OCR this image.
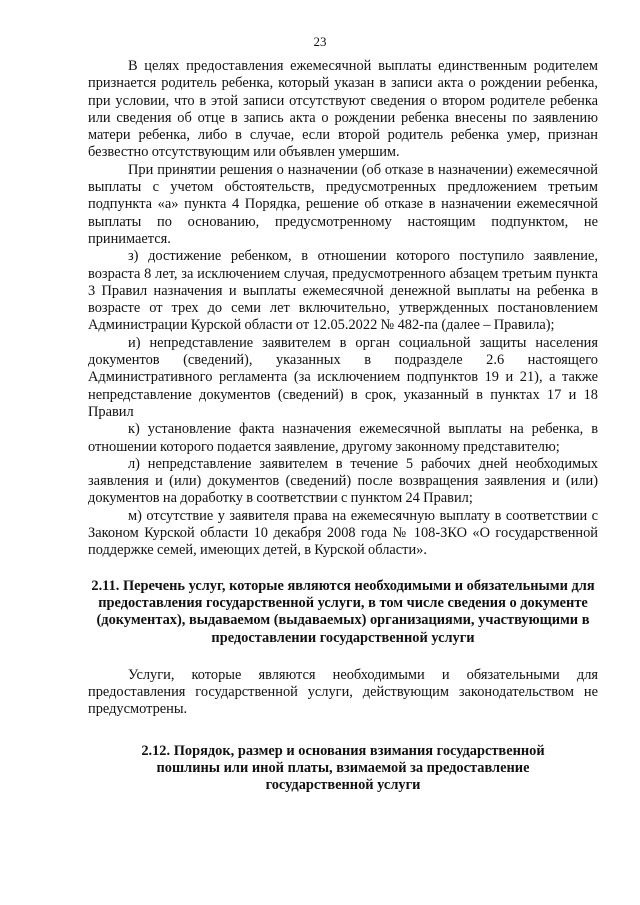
23

В целях предоставления ежемесячной выплаты единственным родителем признается родитель ребенка, который указан в записи акта о рождении ребенка, при условии, что в этой записи отсутствуют сведения о втором родителе ребенка или сведения об отце в запись акта о рождении ребенка внесены по заявлению матери ребенка, либо в случае, если второй родитель ребенка умер, признан безвестно отсутствующим или объявлен умершим.

При принятии решения о назначении (об отказе в назначении) ежемесячной выплаты с учетом обстоятельств, предусмотренных предложением третьим подпункта «а» пункта 4 Порядка, решение об отказе в назначении ежемесячной выплаты по основанию, предусмотренному настоящим подпунктом, не принимается.

з) достижение ребенком, в отношении которого поступило заявление, возраста 8 лет, за исключением случая, предусмотренного абзацем третьим пункта 3 Правил назначения и выплаты ежемесячной денежной выплаты на ребенка в возрасте от трех до семи лет включительно, утвержденных постановлением Администрации Курской области от 12.05.2022 № 482-па (далее – Правила);

и) непредставление заявителем в орган социальной защиты населения документов (сведений), указанных в подразделе 2.6 настоящего Административного регламента (за исключением подпунктов 19 и 21), а также непредставление документов (сведений) в срок, указанный в пунктах 17 и 18 Правил

к) установление факта назначения ежемесячной выплаты на ребенка, в отношении которого подается заявление, другому законному представителю;

л) непредставление заявителем в течение 5 рабочих дней необходимых заявления и (или) документов (сведений) после возвращения заявления и (или) документов на доработку в соответствии с пунктом 24 Правил;

м) отсутствие у заявителя права на ежемесячную выплату в соответствии с Законом Курской области 10 декабря 2008 года № 108-ЗКО «О государственной поддержке семей, имеющих детей, в Курской области».

2.11. Перечень услуг, которые являются необходимыми и обязательными для предоставления государственной услуги, в том числе сведения о документе (документах), выдаваемом (выдаваемых) организациями, участвующими в предоставлении государственной услуги

Услуги, которые являются необходимыми и обязательными для предоставления государственной услуги, действующим законодательством не предусмотрены.

2.12. Порядок, размер и основания взимания государственной пошлины или иной платы, взимаемой за предоставление государственной услуги
